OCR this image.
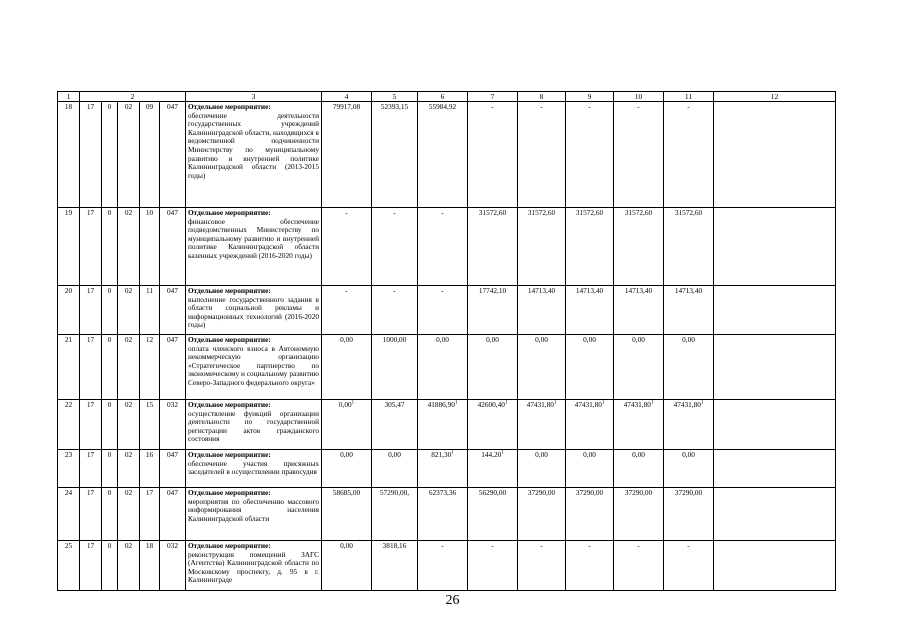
1	2					3	4	5	6	7	8	9	10	11	12
18	17	0	02	09	047	Отдельное мероприятие:
обеспечение деятельности государственных учреждений Калининградской области, находящихся в ведомственной подчиненности Министерству по муниципальному развитию и внутренней политике Калининградской области (2013-2015 годы)	79917,08	52393,15	55984,92	-	-	-	-	-	
19	17	0	02	10	047	Отдельное мероприятие:
финансовое обеспечение подведомственных Министерству по муниципальному развитию и внутренней политике Калининградской области казенных учреждений (2016-2020 годы)	-	-	-	31572,60	31572,60	31572,60	31572,60	31572,60	
20	17	0	02	11	047	Отдельное мероприятие:
выполнение государственного задания в области социальной рекламы и информационных технологий (2016-2020 годы)	-	-	-	17742,10	14713,40	14713,40	14713,40	14713,40	
21	17	0	02	12	047	Отдельное мероприятие:
оплата членского взноса в Автономную некоммерческую организацию «Стратегическое партнерство по экономическому и социальному развитию Северо-Западного федерального округа»	0,00	1000,00	0,00	0,00	0,00	0,00	0,00	0,00	
22	17	0	02	15	032	Отдельное мероприятие:
осуществление функций организации деятельности по государственной регистрации актов гражданского состояния	0,00$^1$	305,47	41886,90$^1$	42600,40$^1$	47431,80$^1$	47431,80$^1$	47431,80$^1$	47431,80$^1$	
23	17	0	02	16	047	Отдельное мероприятие:
обеспечение участия присяжных заседателей в осуществлении правосудия	0,00	0,00	821,30$^1$	144,20$^1$	0,00	0,00	0,00	0,00	
24	17	0	02	17	047	Отдельное мероприятие:
мероприятия по обеспечению массового информирования населения Калининградской области	58685,00	57290,00,	62373,36	56290,00	37290,00	37290,00	37290,00	37290,00	
25	17	0	02	18	032	Отдельное мероприятие:
реконструкция помещений ЗАГС (Агентства) Калининградской области по Московскому проспекту, д. 95 в г. Калининграде	0,00	3818,16	-	-	-	-	-	-	
26
